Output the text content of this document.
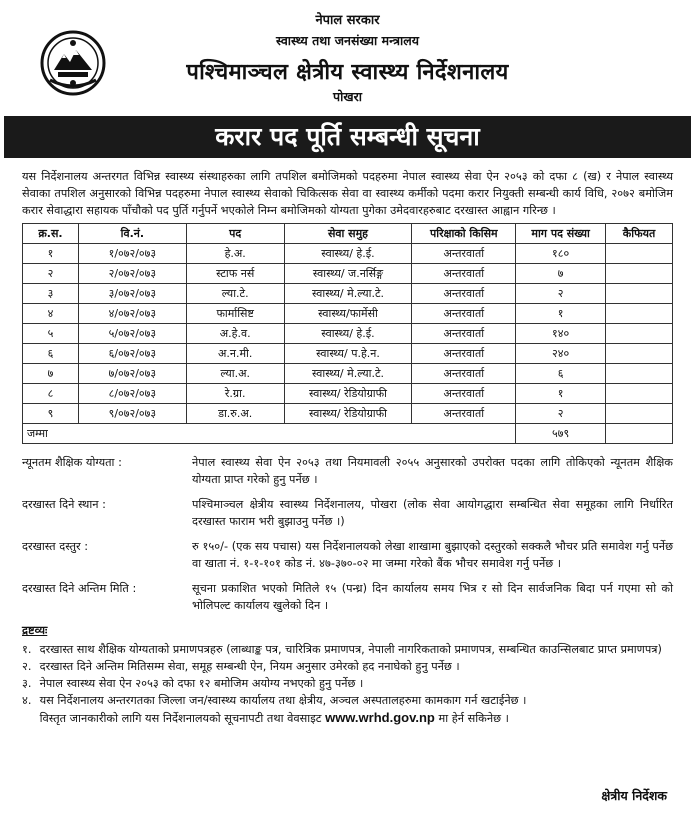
नेपाल सरकार
स्वास्थ्य तथा जनसंख्या मन्त्रालय
पश्चिमाञ्चल क्षेत्रीय स्वास्थ्य निर्देशनालय
पोखरा
करार पद पूर्ति सम्बन्धी सूचना

यस निर्देशनालय अन्तरगत विभिन्न स्वास्थ्य संस्थाहरुका लागि तपशिल बमोजिमको पदहरुमा नेपाल स्वास्थ्य सेवा ऐन २०५३ को दफा ८ (ख) र नेपाल स्वास्थ्य सेवाका तपशिल अनुसारको विभिन्न पदहरुमा नेपाल स्वास्थ्य सेवाको चिकित्सक सेवा वा स्वास्थ्य कर्मीको पदमा करार नियुक्ती सम्बन्धी कार्य विधि, २०७२ बमोजिम करार सेवाद्धारा सहायक पाँचौको पद पुर्ति गर्नुपर्ने भएकोले निम्न बमोजिमको योग्यता पुगेका उमेदवारहरुबाट दरखास्त आह्वान गरिन्छ ।

क्र.स.	वि.नं.	पद	सेवा समुह	परिक्षाको किसिम	माग पद संख्या	कैफियत
१	१/०७२/०७३	हे.अ.	स्वास्थ्य/ हे.ई.	अन्तरवार्ता	१८०	
२	२/०७२/०७३	स्टाफ नर्स	स्वास्थ्य/ ज.नर्सिङ्ग	अन्तरवार्ता	७	
३	३/०७२/०७३	ल्या.टे.	स्वास्थ्य/ मे.ल्या.टे.	अन्तरवार्ता	२	
४	४/०७२/०७३	फार्मासिष्ट	स्वास्थ्य/फार्मेसी	अन्तरवार्ता	१	
५	५/०७२/०७३	अ.हे.व.	स्वास्थ्य/ हे.ई.	अन्तरवार्ता	१४०	
६	६/०७२/०७३	अ.न.मी.	स्वास्थ्य/ प.हे.न.	अन्तरवार्ता	२४०	
७	७/०७२/०७३	ल्या.अ.	स्वास्थ्य/ मे.ल्या.टे.	अन्तरवार्ता	६	
८	८/०७२/०७३	रे.ग्रा.	स्वास्थ्य/ रेडियोग्राफी	अन्तरवार्ता	१	
९	९/०७२/०७३	डा.रु.अ.	स्वास्थ्य/ रेडियोग्राफी	अन्तरवार्ता	२	
जम्मा					५७९	
न्यूनतम शैक्षिक योग्यता :	नेपाल स्वास्थ्य सेवा ऐन २०५३ तथा नियमावली २०५५ अनुसारको उपरोक्त पदका लागि तोकिएको न्यूनतम शैक्षिक योग्यता प्राप्त गरेको हुनु पर्नेछ ।
दरखास्त दिने स्थान :	पश्चिमाञ्चल क्षेत्रीय स्वास्थ्य निर्देशनालय, पोखरा (लोक सेवा आयोगद्धारा सम्बन्धित सेवा समूहका लागि निर्धारित दरखास्त फाराम भरी बुझाउनु पर्नेछ ।)
दरखास्त दस्तुर :	रु १५०/- (एक सय पचास) यस निर्देशनालयको लेखा शाखामा बुझाएको दस्तुरको सक्कलै भौचर प्रति समावेश गर्नु पर्नेछ वा खाता नं. १-१-१०१ कोड नं. ४७-३७०-०२ मा जम्मा गरेको बैंक भौचर समावेश गर्नु पर्नेछ ।
दरखास्त दिने अन्तिम मिति :	सूचना प्रकाशित भएको मितिले १५ (पन्ध्र) दिन कार्यालय समय भित्र र सो दिन सार्वजनिक बिदा पर्न गएमा सो को भोलिपल्ट कार्यालय खुलेको दिन ।
द्रष्टव्यः
१. दरखास्त साथ शैक्षिक योग्यताको प्रमाणपत्रहरु (लाब्धाङ्क पत्र, चारित्रिक प्रमाणपत्र, नेपाली नागरिकताको प्रमाणपत्र, सम्बन्धित काउन्सिलबाट प्राप्त प्रमाणपत्र)
२. दरखास्त दिने अन्तिम मितिसम्म सेवा, समूह सम्बन्धी ऐन, नियम अनुसार उमेरको हद ननाघेको हुनु पर्नेछ ।
३. नेपाल स्वास्थ्य सेवा ऐन २०५३ को दफा १२ बमोजिम अयोग्य नभएको हुनु पर्नेछ ।
४. यस निर्देशनालय अन्तरगतका जिल्ला जन/स्वास्थ्य कार्यालय तथा क्षेत्रीय, अञ्चल अस्पतालहरुमा कामकाग गर्न खटाईनेछ ।
विस्तृत जानकारीको लागि यस निर्देशनालयको सूचनापटी तथा वेवसाइट www.wrhd.gov.np मा हेर्न सकिनेछ ।
क्षेत्रीय निर्देशक
